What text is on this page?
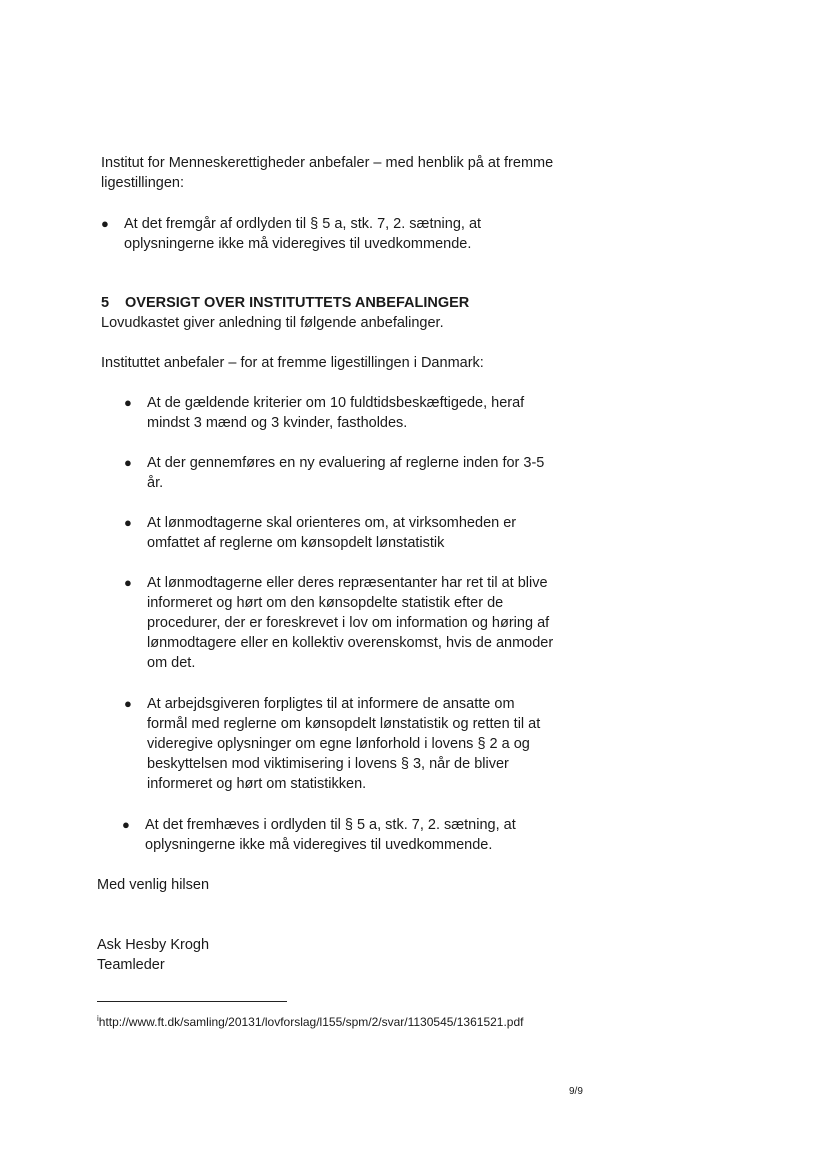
Institut for Menneskerettigheder anbefaler – med henblik på at fremme
ligestillingen:
● At det fremgår af ordlyden til § 5 a, stk. 7, 2. sætning, at
oplysningerne ikke må videregives til uvedkommende.
5 OVERSIGT OVER INSTITUTTETS ANBEFALINGER
Lovudkastet giver anledning til følgende anbefalinger.
Instituttet anbefaler – for at fremme ligestillingen i Danmark:
● At de gældende kriterier om 10 fuldtidsbeskæftigede, heraf
mindst 3 mænd og 3 kvinder, fastholdes.
● At der gennemføres en ny evaluering af reglerne inden for 3-5
år.
● At lønmodtagerne skal orienteres om, at virksomheden er
omfattet af reglerne om kønsopdelt lønstatistik
● At lønmodtagerne eller deres repræsentanter har ret til at blive
informeret og hørt om den kønsopdelte statistik efter de
procedurer, der er foreskrevet i lov om information og høring af
lønmodtagere eller en kollektiv overenskomst, hvis de anmoder
om det.
● At arbejdsgiveren forpligtes til at informere de ansatte om
formål med reglerne om kønsopdelt lønstatistik og retten til at
videregive oplysninger om egne lønforhold i lovens § 2 a og
beskyttelsen mod viktimisering i lovens § 3, når de bliver
informeret og hørt om statistikken.
● At det fremhæves i ordlyden til § 5 a, stk. 7, 2. sætning, at
oplysningerne ikke må videregives til uvedkommende.
Med venlig hilsen
Ask Hesby Krogh
Teamleder
$^i$http://www.ft.dk/samling/20131/lovforslag/l155/spm/2/svar/1130545/1361521.pdf
9/9
